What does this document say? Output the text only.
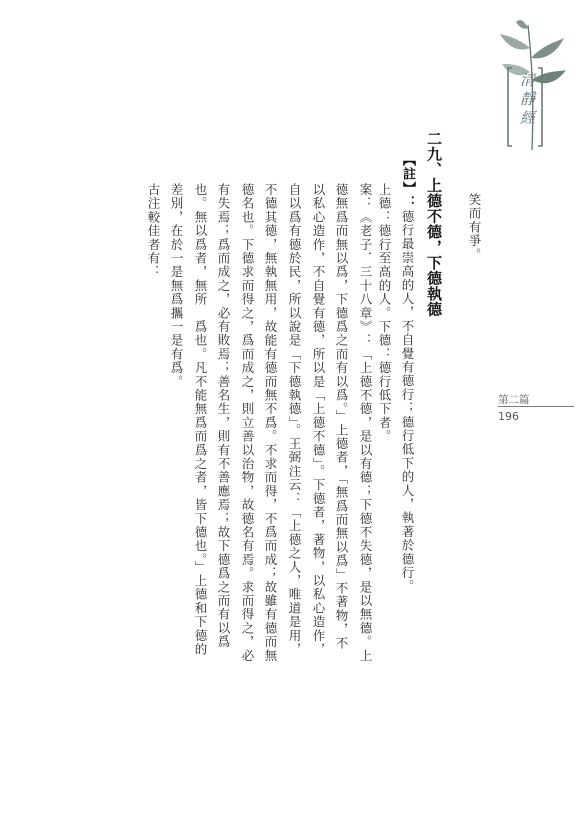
清靜經
第二篇
196
笑而有爭。
二九、上德不德，下德執德
【註】：德行最崇高的人，不自覺有德行；德行低下的人，執著於德行。
上德：德行至高的人。下德：德行低下者。
案：《老子．三十八章》：「上德不德，是以有德；下德不失德，是以無德。上
德無爲而無以爲，下德爲之而有以爲。」上德者，「無爲而無以爲」不著物，不
以私心造作，不自覺有德，所以是「上德不德」。下德者，著物，以私心造作，
自以爲有德於民，所以說是「下德執德」。王弼注云：「上德之人，唯道是用，
不德其德，無執無用，故能有德而無不爲。不求而得，不爲而成；故雖有德而無
德名也。下德求而得之，爲而成之，則立善以治物，故德名有焉。求而得之，必
有失焉；爲而成之，必有敗焉；善名生，則有不善應焉；故下德爲之而有以爲
也。無以爲者，無所　爲也。凡不能無爲而爲之者，皆下德也。」上德和下德的
差別，在於一是無爲攜一是有爲。
古注較佳者有：
